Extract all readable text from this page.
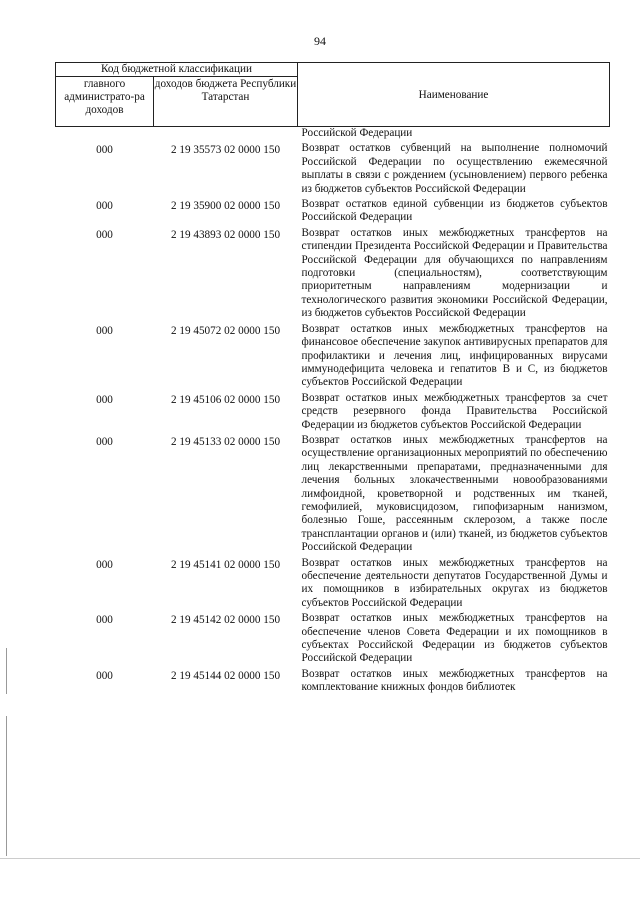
94
Код бюджетной классификации		Наименование
главного администрато-ра доходов	доходов бюджета Республики Татарстан	
		Российской Федерации
000	2 19 35573 02 0000 150	Возврат остатков субвенций на выполнение полномочий Российской Федерации по осуществлению ежемесячной выплаты в связи с рождением (усыновлением) первого ребенка из бюджетов субъектов Российской Федерации
000	2 19 35900 02 0000 150	Возврат остатков единой субвенции из бюджетов субъектов Российской Федерации
000	2 19 43893 02 0000 150	Возврат остатков иных межбюджетных трансфертов на стипендии Президента Российской Федерации и Правительства Российской Федерации для обучающихся по направлениям подготовки (специальностям), соответствующим приоритетным направлениям модернизации и технологического развития экономики Российской Федерации, из бюджетов субъектов Российской Федерации
000	2 19 45072 02 0000 150	Возврат остатков иных межбюджетных трансфертов на финансовое обеспечение закупок антивирусных препаратов для профилактики и лечения лиц, инфицированных вирусами иммунодефицита человека и гепатитов B и C, из бюджетов субъектов Российской Федерации
000	2 19 45106 02 0000 150	Возврат остатков иных межбюджетных трансфертов за счет средств резервного фонда Правительства Российской Федерации из бюджетов субъектов Российской Федерации
000	2 19 45133 02 0000 150	Возврат остатков иных межбюджетных трансфертов на осуществление организационных мероприятий по обеспечению лиц лекарственными препаратами, предназначенными для лечения больных злокачественными новообразованиями лимфоидной, кроветворной и родственных им тканей, гемофилией, муковисцидозом, гипофизарным нанизмом, болезнью Гоше, рассеянным склерозом, а также после трансплантации органов и (или) тканей, из бюджетов субъектов Российской Федерации
000	2 19 45141 02 0000 150	Возврат остатков иных межбюджетных трансфертов на обеспечение деятельности депутатов Государственной Думы и их помощников в избирательных округах из бюджетов субъектов Российской Федерации
000	2 19 45142 02 0000 150	Возврат остатков иных межбюджетных трансфертов на обеспечение членов Совета Федерации и их помощников в субъектах Российской Федерации из бюджетов субъектов Российской Федерации
000	2 19 45144 02 0000 150	Возврат остатков иных межбюджетных трансфертов на комплектование книжных фондов библиотек
